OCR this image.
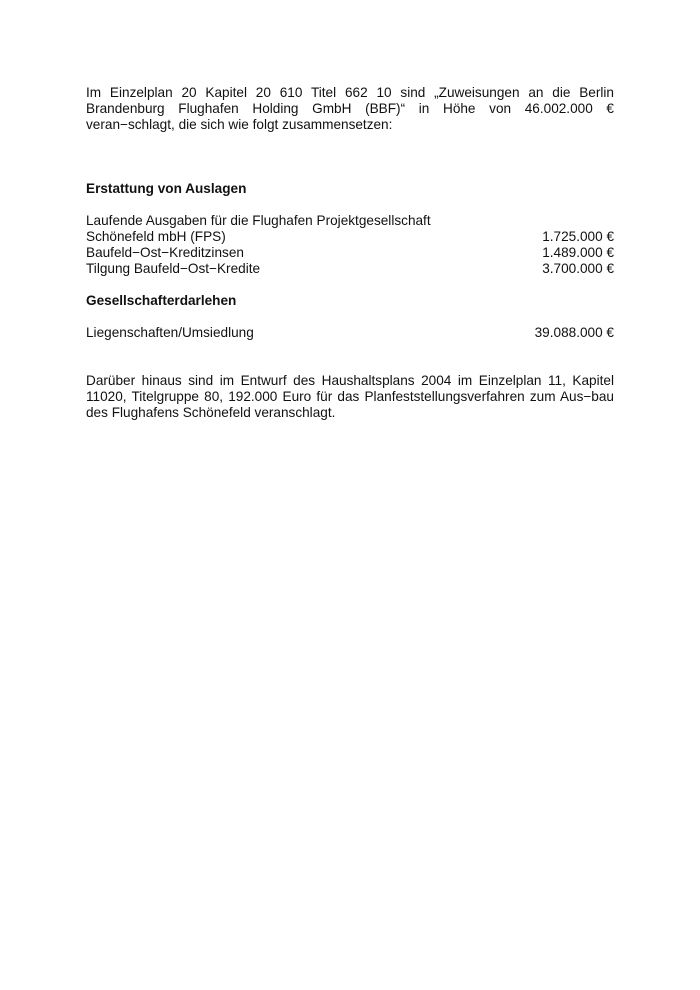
Im Einzelplan 20 Kapitel 20 610 Titel 662 10 sind „Zuweisungen an die Berlin Brandenburg Flughafen Holding GmbH (BBF)“ in Höhe von 46.002.000 € veran−schlagt, die sich wie folgt zusammensetzen:

Erstattung von Auslagen
Laufende Ausgaben für die Flughafen Projektgesellschaft
Schönefeld mbH (FPS)	1.725.000 €
Baufeld−Ost−Kreditzinsen	1.489.000 €
Tilgung Baufeld−Ost−Kredite	3.700.000 €
Gesellschafterdarlehen
Liegenschaften/Umsiedlung	39.088.000 €

Darüber hinaus sind im Entwurf des Haushaltsplans 2004 im Einzelplan 11, Kapitel 11020, Titelgruppe 80, 192.000 Euro für das Planfeststellungsverfahren zum Aus−bau des Flughafens Schönefeld veranschlagt.
